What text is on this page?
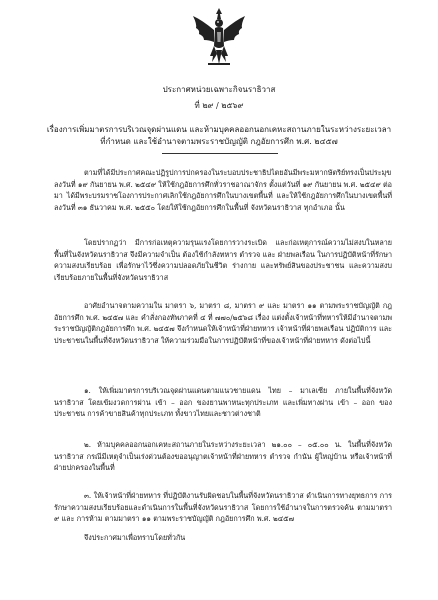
ประกาศหน่วยเฉพาะกิจนราธิวาส
ที่ ๒๙ / ๒๕๖๙
เรื่องการเพิ่มมาตรการบริเวณจุดผ่านแดน และห้ามบุคคลออกนอกเคหะสถานภายในระหว่างระยะเวลา
ที่กำหนด และใช้อำนาจตามพระราชบัญญัติ กฎอัยการศึก พ.ศ. ๒๔๕๗

ตามที่ได้มีประกาศคณะปฏิรูปการปกครองในระบอบประชาธิปไตยอันมีพระมหากษัตริย์ทรงเป็นประมุข ลงวันที่ ๑๙ กันยายน พ.ศ. ๒๕๔๙ ให้ใช้กฎอัยการศึกทั่วราชอาณาจักร ตั้งแต่วันที่ ๑๙ กันยายน พ.ศ. ๒๕๔๙ ต่อมา ได้มีพระบรมราชโองการประกาศเลิกใช้กฎอัยการศึกในบางเขตพื้นที่ และให้ใช้กฎอัยการศึกในบางเขตพื้นที่ ลงวันที่ ๓๑ ธันวาคม พ.ศ. ๒๕๕๐ โดยให้ใช้กฎอัยการศึกในพื้นที่ จังหวัดนราธิวาส ทุกอำเภอ นั้น

โดยปรากฏว่า มีการก่อเหตุความรุนแรงโดยการวางระเบิด และก่อเหตุการณ์ความไม่สงบในหลายพื้นที่ในจังหวัดนราธิวาส จึงมีความจำเป็น ต้องใช้กำลังทหาร ตำรวจ และ ฝ่ายพลเรือน ในการปฏิบัติหน้าที่รักษาความสงบเรียบร้อย เพื่อรักษาไว้ซึ่งความปลอดภัยในชีวิต ร่างกาย และทรัพย์สินของประชาชน และความสงบเรียบร้อยภายในพื้นที่จังหวัดนราธิวาส

อาศัยอำนาจตามความใน มาตรา ๖, มาตรา ๘, มาตรา ๙ และ มาตรา ๑๑ ตามพระราชบัญญัติ กฎอัยการศึก พ.ศ. ๒๔๕๗ และ คำสั่งกองทัพภาคที่ ๔ ที่ ๗๗๐/๒๕๖๘ เรื่อง แต่งตั้งเจ้าหน้าที่ทหารให้มีอำนาจตามพระราชบัญญัติกฎอัยการศึก พ.ศ. ๒๔๕๗ จึงกำหนดให้เจ้าหน้าที่ฝ่ายทหาร เจ้าหน้าที่ฝ่ายพลเรือน ปฏิบัติการ และ ประชาชนในพื้นที่จังหวัดนราธิวาส ให้ความร่วมมือในการปฏิบัติหน้าที่ของเจ้าหน้าที่ฝ่ายทหาร ดังต่อไปนี้

๑. ให้เพิ่มมาตรการบริเวณจุดผ่านแดนตามแนวชายแดน ไทย – มาเลเซีย ภายในพื้นที่จังหวัดนราธิวาส โดยเข้มงวดการผ่าน เข้า – ออก ของยานพาหนะทุกประเภท และเพิ่มทางผ่าน เข้า – ออก ของประชาชน การค้าขายสินค้าทุกประเภท ทั้งขาวไทยและชาวต่างชาติ

๒. ห้ามบุคคลออกนอกเคหะสถานภายในระหว่างระยะเวลา ๒๑.๐๐ – ๐๕.๐๐ น. ในพื้นที่จังหวัดนราธิวาส กรณีมีเหตุจำเป็นเร่งด่วนต้องขออนุญาตเจ้าหน้าที่ฝ่ายทหาร ตำรวจ กำนัน ผู้ใหญ่บ้าน หรือเจ้าหน้าที่ฝ่ายปกครองในพื้นที่

๓. ให้เจ้าหน้าที่ฝ่ายทหาร ที่ปฏิบัติงานรับผิดชอบในพื้นที่จังหวัดนราธิวาส ดำเนินการทางยุทธการ การรักษาความสงบเรียบร้อยและดำเนินการในพื้นที่จังหวัดนราธิวาส โดยการใช้อำนาจในการตรวจค้น ตามมาตรา ๙ และ การห้าม ตามมาตรา ๑๑ ตามพระราชบัญญัติ กฎอัยการศึก พ.ศ. ๒๔๕๗

จึงประกาศมาเพื่อทราบโดยทั่วกัน
